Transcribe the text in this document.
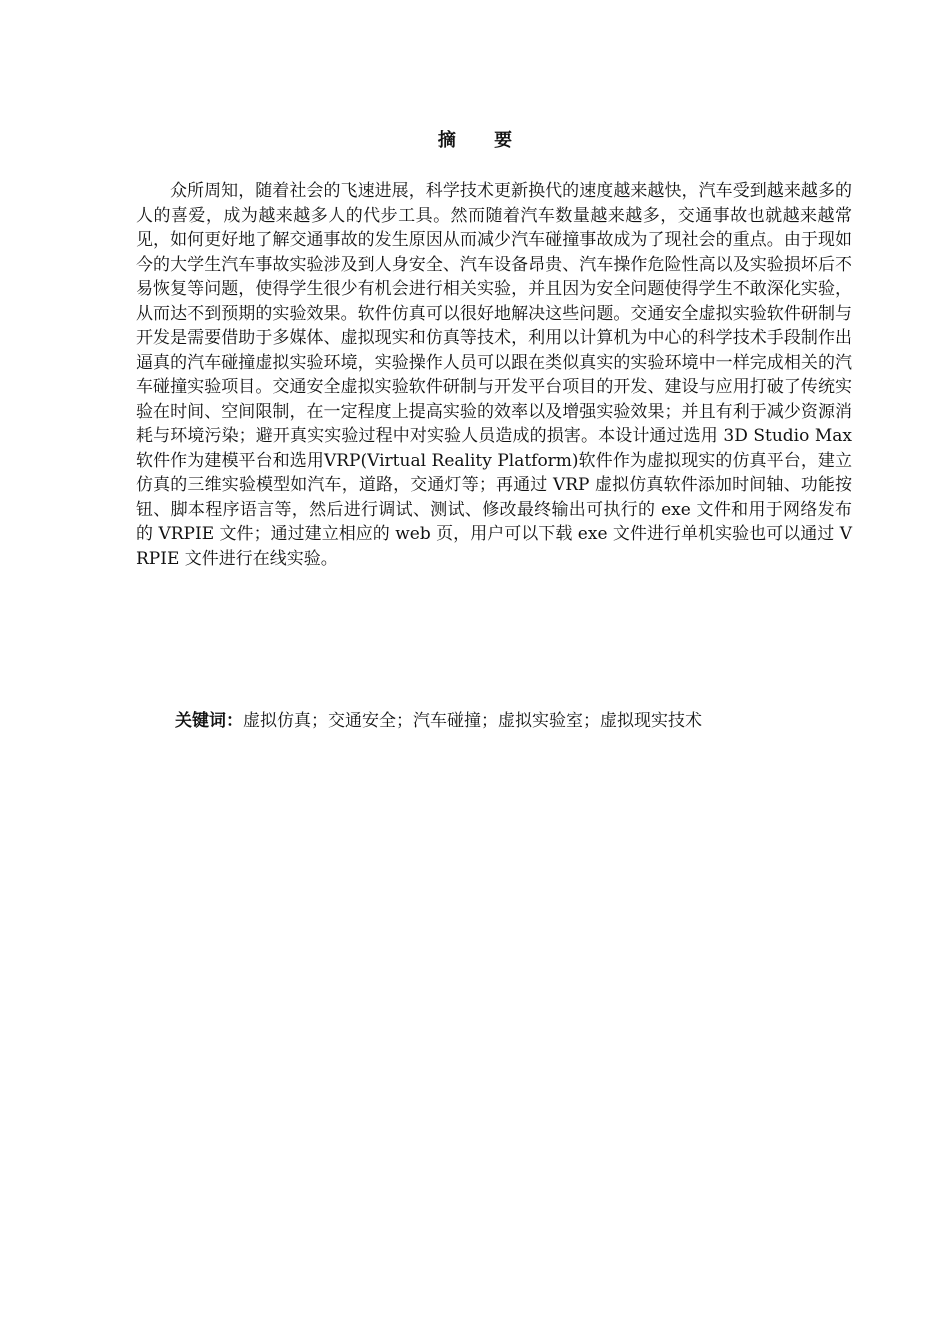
摘 要

众所周知，随着社会的飞速进展，科学技术更新换代的速度越来越快，汽车受到越来越多的人的喜爱，成为越来越多人的代步工具。然而随着汽车数量越来越多，交通事故也就越来越常见，如何更好地了解交通事故的发生原因从而减少汽车碰撞事故成为了现社会的重点。由于现如今的大学生汽车事故实验涉及到人身安全、汽车设备昂贵、汽车操作危险性高以及实验损坏后不易恢复等问题，使得学生很少有机会进行相关实验，并且因为安全问题使得学生不敢深化实验，从而达不到预期的实验效果。软件仿真可以很好地解决这些问题。交通安全虚拟实验软件研制与开发是需要借助于多媒体、虚拟现实和仿真等技术，利用以计算机为中心的科学技术手段制作出逼真的汽车碰撞虚拟实验环境，实验操作人员可以跟在类似真实的实验环境中一样完成相关的汽车碰撞实验项目。交通安全虚拟实验软件研制与开发平台项目的开发、建设与应用打破了传统实验在时间、空间限制，在一定程度上提高实验的效率以及增强实验效果；并且有利于减少资源消耗与环境污染；避开真实实验过程中对实验人员造成的损害。本设计通过选用 3D Studio Max 软件作为建模平台和选用VRP(Virtual Reality Platform)软件作为虚拟现实的仿真平台，建立仿真的三维实验模型如汽车，道路，交通灯等；再通过 VRP 虚拟仿真软件添加时间轴、功能按钮、脚本程序语言等，然后进行调试、测试、修改最终输出可执行的 exe 文件和用于网络发布的 VRPIE 文件；通过建立相应的 web 页，用户可以下载 exe 文件进行单机实验也可以通过 VRPIE 文件进行在线实验。

关键词：虚拟仿真；交通安全；汽车碰撞；虚拟实验室；虚拟现实技术
